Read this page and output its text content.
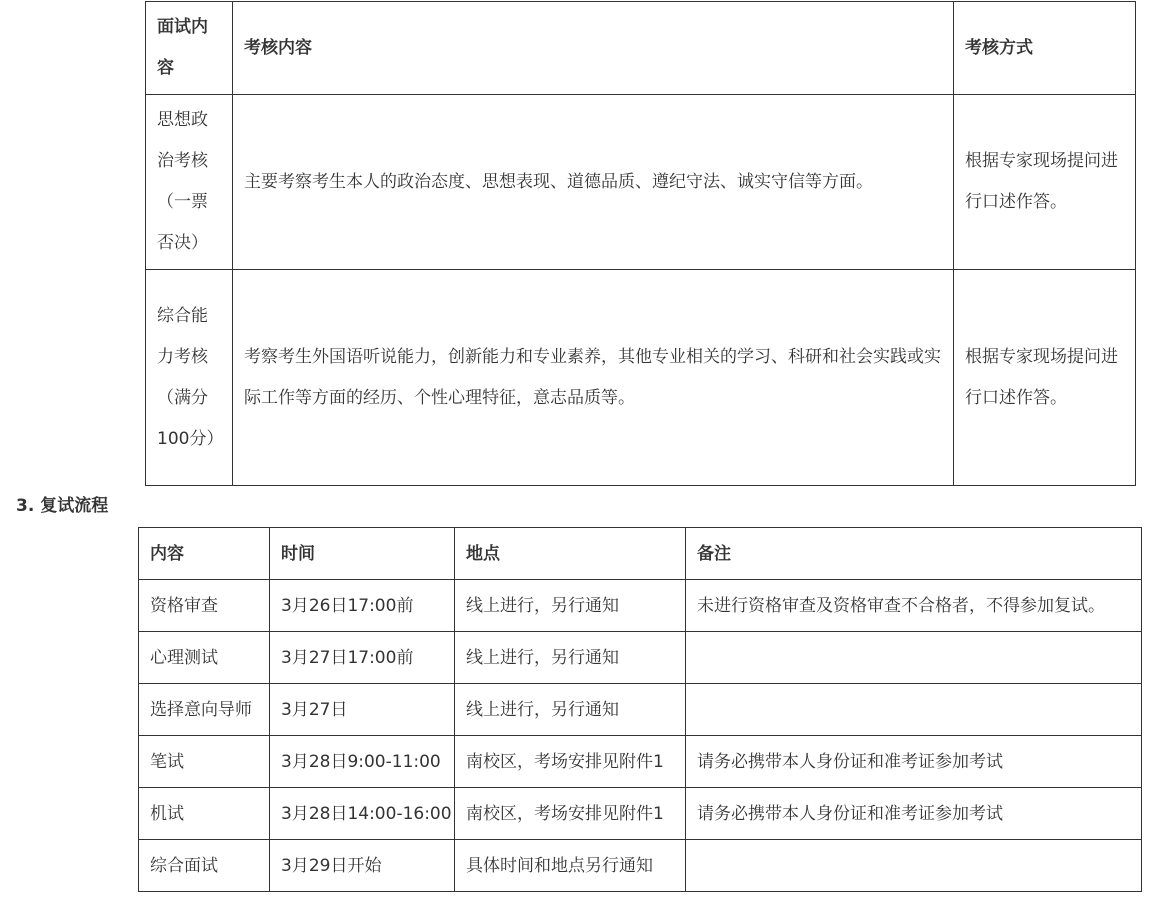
面试内容	考核内容	考核方式
思想政治考核（一票否决）	主要考察考生本人的政治态度、思想表现、道德品质、遵纪守法、诚实守信等方面。	根据专家现场提问进行口述作答。
综合能力考核（满分100分）	考察考生外国语听说能力，创新能力和专业素养，其他专业相关的学习、科研和社会实践或实际工作等方面的经历、个性心理特征，意志品质等。	根据专家现场提问进行口述作答。
3. 复试流程
内容	时间	地点	备注
资格审查	3月26日17:00前	线上进行，另行通知	未进行资格审查及资格审查不合格者，不得参加复试。
心理测试	3月27日17:00前	线上进行，另行通知	
选择意向导师	3月27日	线上进行，另行通知	
笔试	3月28日9:00-11:00	南校区，考场安排见附件1	请务必携带本人身份证和准考证参加考试
机试	3月28日14:00-16:00	南校区，考场安排见附件1	请务必携带本人身份证和准考证参加考试
综合面试	3月29日开始	具体时间和地点另行通知	
